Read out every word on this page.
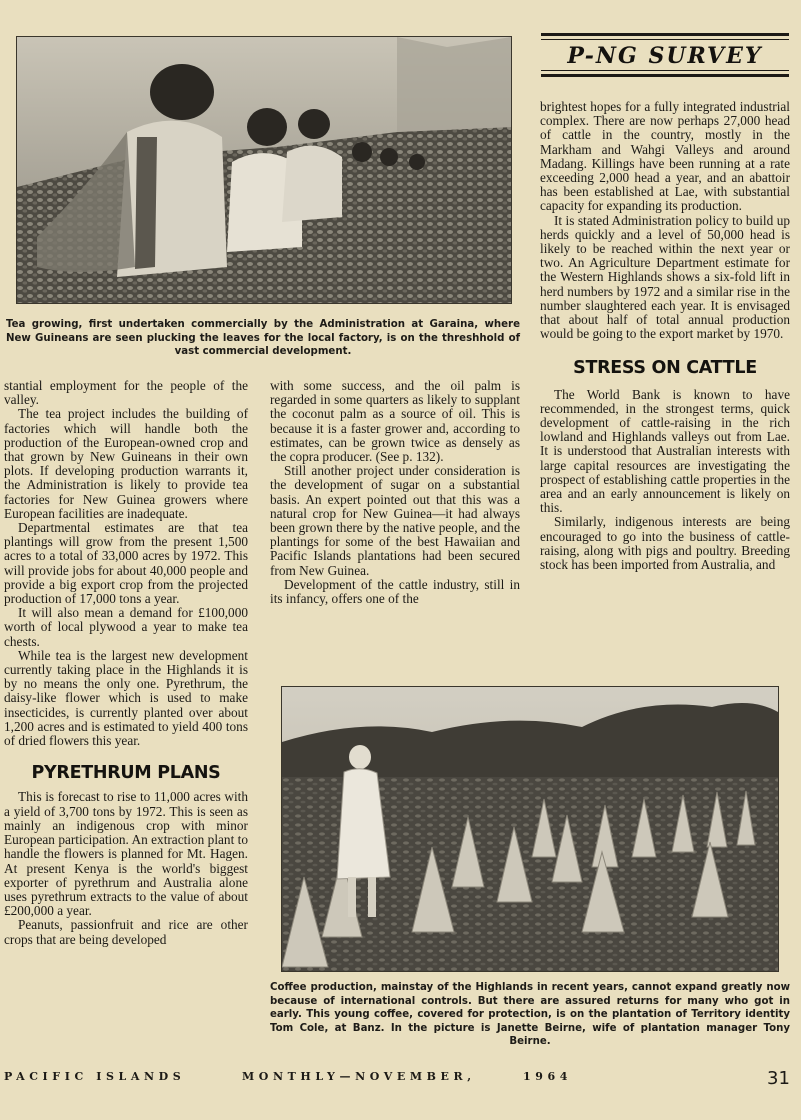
Tea growing, first undertaken commercially by the Administration at Garaina, where New Guineans are seen plucking the leaves for the local factory, is on the threshhold of vast commercial development.
P-NG SURVEY

stantial employment for the people of the valley.

The tea project includes the building of factories which will handle both the production of the European-owned crop and that grown by New Guineans in their own plots. If developing production warrants it, the Administration is likely to provide tea factories for New Guinea growers where European facilities are inadequate.

Departmental estimates are that tea plantings will grow from the present 1,500 acres to a total of 33,000 acres by 1972. This will provide jobs for about 40,000 people and provide a big export crop from the projected production of 17,000 tons a year.

It will also mean a demand for £100,000 worth of local plywood a year to make tea chests.

While tea is the largest new development currently taking place in the Highlands it is by no means the only one. Pyrethrum, the daisy-like flower which is used to make insecticides, is currently planted over about 1,200 acres and is estimated to yield 400 tons of dried flowers this year.

PYRETHRUM PLANS

This is forecast to rise to 11,000 acres with a yield of 3,700 tons by 1972. This is seen as mainly an indigenous crop with minor European participation. An extraction plant to handle the flowers is planned for Mt. Hagen. At present Kenya is the world's biggest exporter of pyrethrum and Australia alone uses pyrethrum extracts to the value of about £200,000 a year.

Peanuts, passionfruit and rice are other crops that are being developed

with some success, and the oil palm is regarded in some quarters as likely to supplant the coconut palm as a source of oil. This is because it is a faster grower and, according to estimates, can be grown twice as densely as the copra producer. (See p. 132).

Still another project under consideration is the development of sugar on a substantial basis. An expert pointed out that this was a natural crop for New Guinea—it had always been grown there by the native people, and the plantings for some of the best Hawaiian and Pacific Islands plantations had been secured from New Guinea.

Development of the cattle industry, still in its infancy, offers one of the

brightest hopes for a fully integrated industrial complex. There are now perhaps 27,000 head of cattle in the country, mostly in the Markham and Wahgi Valleys and around Madang. Killings have been running at a rate exceeding 2,000 head a year, and an abattoir has been established at Lae, with substantial capacity for expanding its production.

It is stated Administration policy to build up herds quickly and a level of 50,000 head is likely to be reached within the next year or two. An Agriculture Department estimate for the Western Highlands shows a six-fold lift in herd numbers by 1972 and a similar rise in the number slaughtered each year. It is envisaged that about half of total annual production would be going to the export market by 1970.

STRESS ON CATTLE

The World Bank is known to have recommended, in the strongest terms, quick development of cattle-raising in the rich lowland and Highlands valleys out from Lae. It is understood that Australian interests with large capital resources are investigating the prospect of establishing cattle properties in the area and an early announcement is likely on this.

Similarly, indigenous interests are being encouraged to go into the business of cattle-raising, along with pigs and poultry. Breeding stock has been imported from Australia, and

Coffee production, mainstay of the Highlands in recent years, cannot expand greatly now because of international controls. But there are assured returns for many who got in early. This young coffee, covered for protection, is on the plantation of Territory identity Tom Cole, at Banz. In the picture is Janette Beirne, wife of plantation manager Tony Beirne.
PACIFIC ISLANDS	MONTHLY—NOVEMBER,	1964	31
